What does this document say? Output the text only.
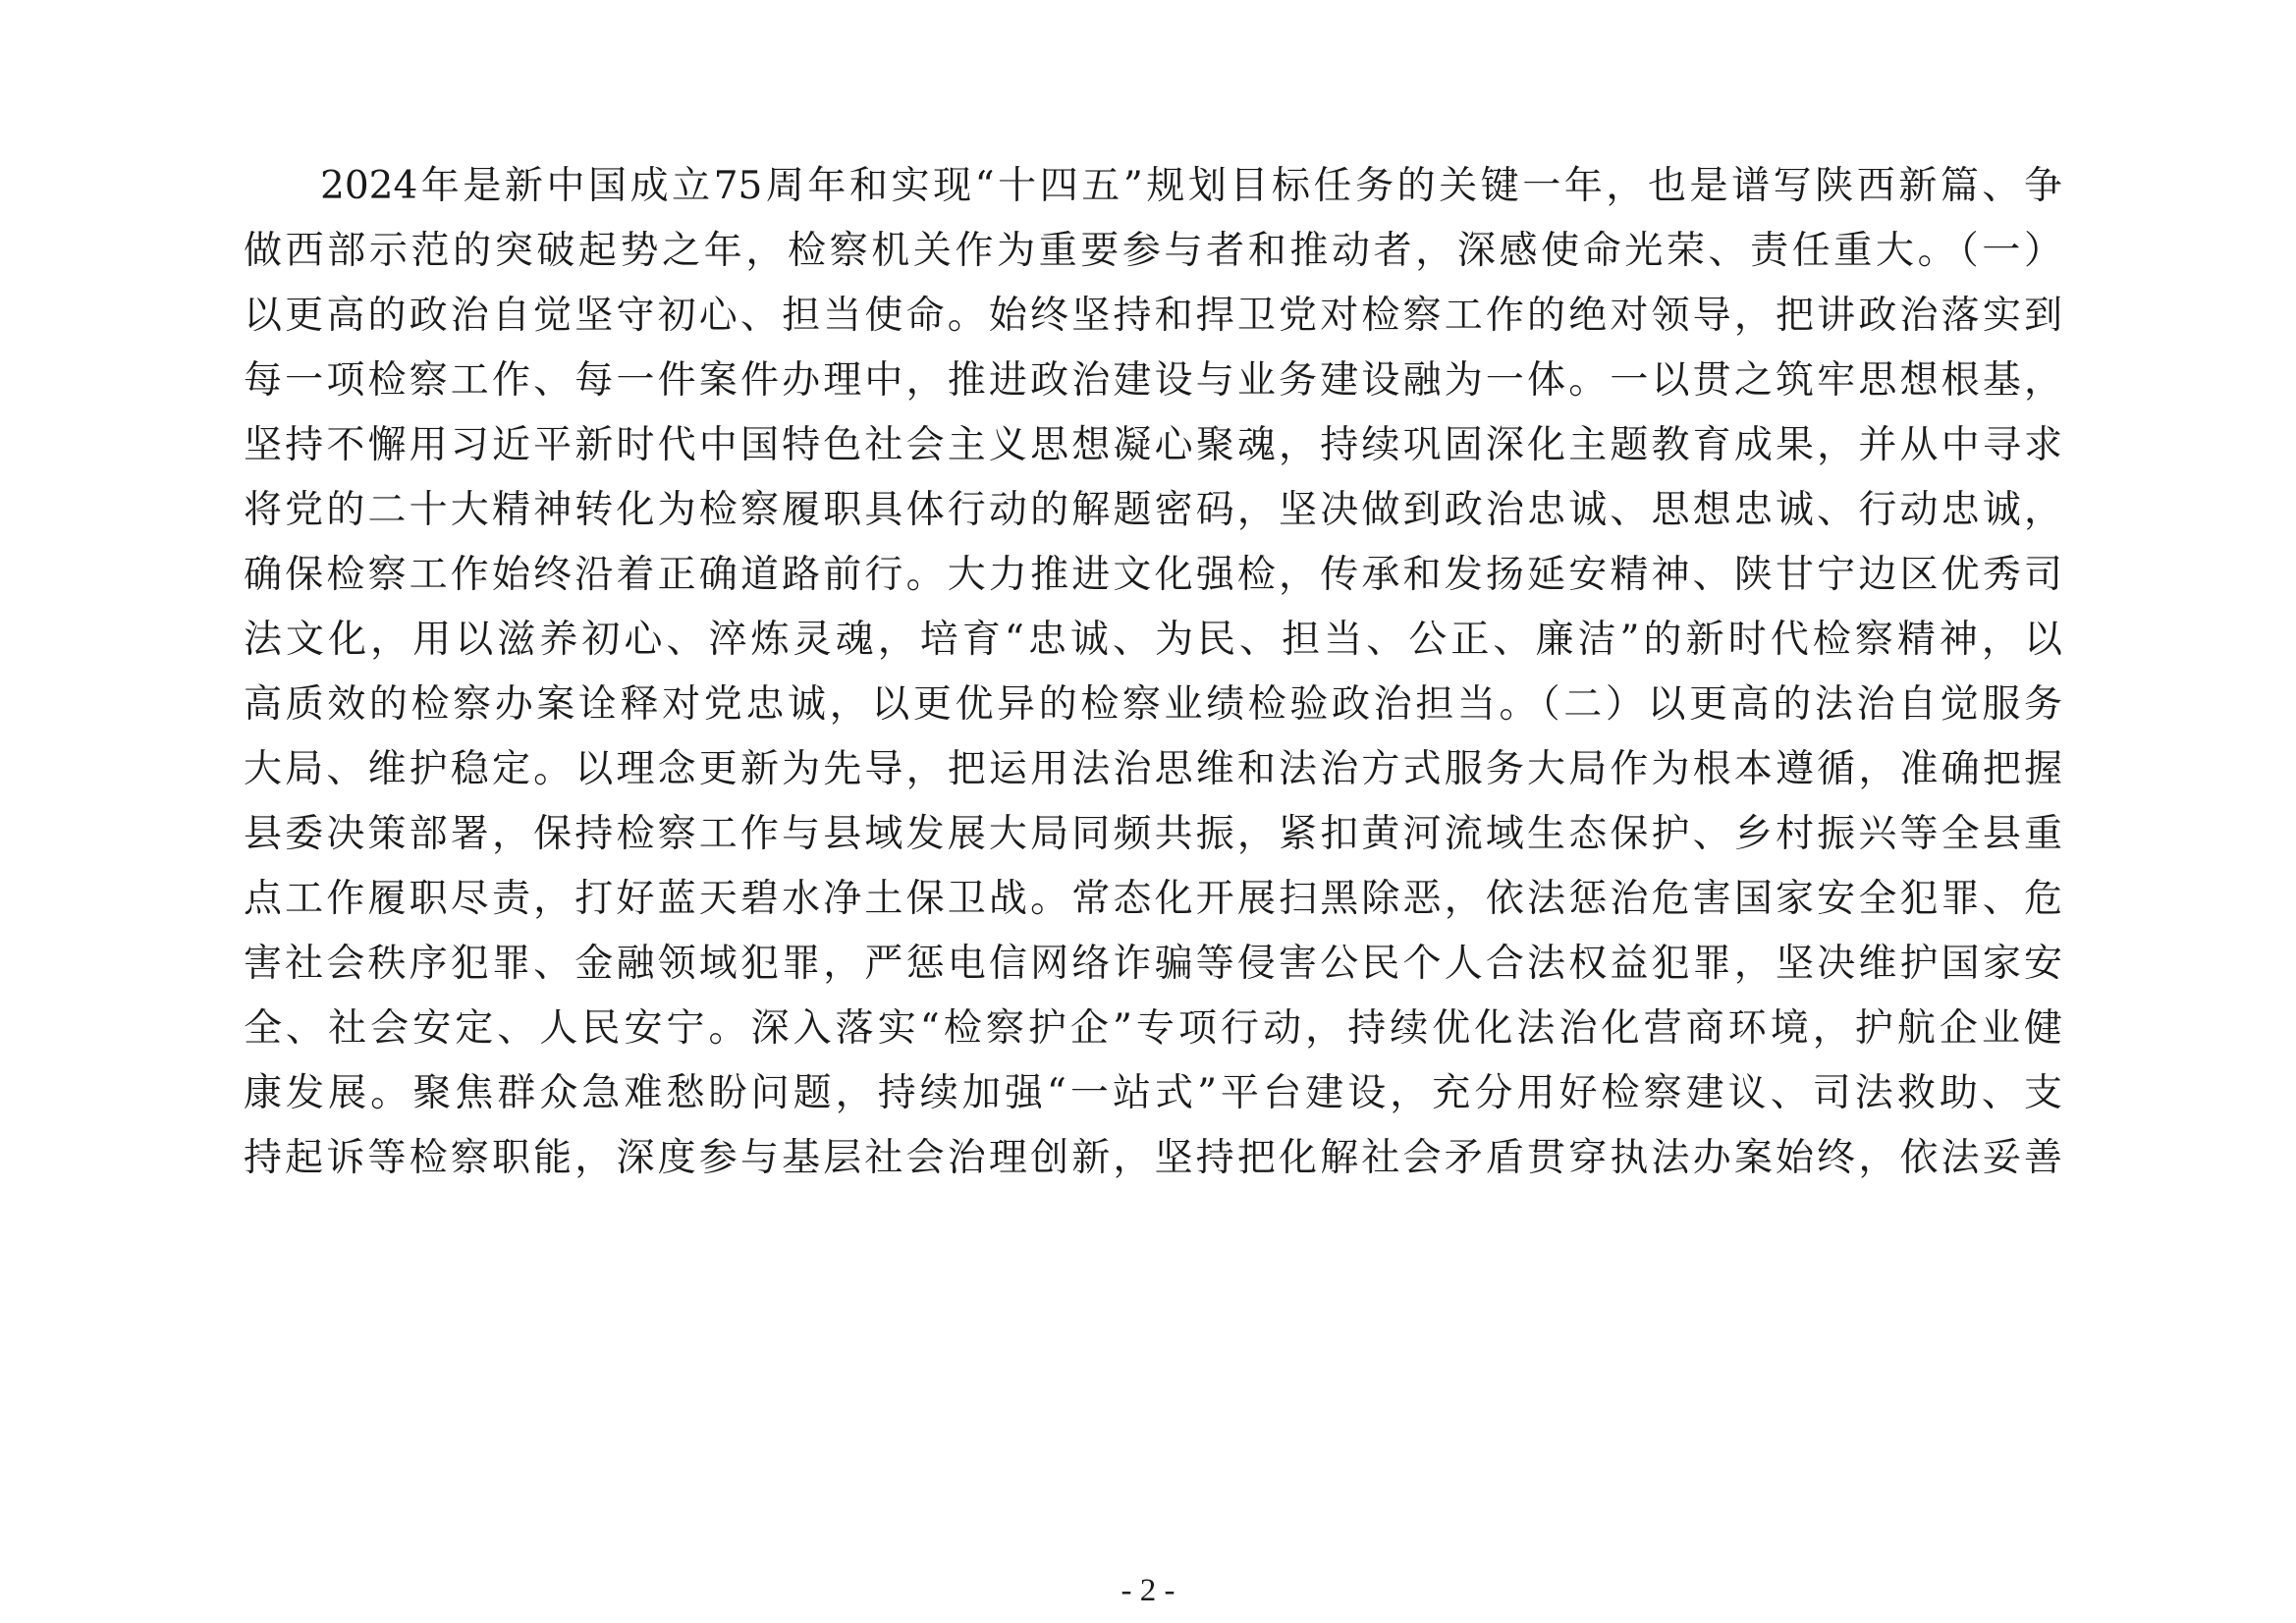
2024年是新中国成立75周年和实现“十四五”规划目标任务的关键一年，也是谱写陕西新篇、争
做西部示范的突破起势之年，检察机关作为重要参与者和推动者，深感使命光荣、责任重大。（一）
以更高的政治自觉坚守初心、担当使命。始终坚持和捍卫党对检察工作的绝对领导，把讲政治落实到
每一项检察工作、每一件案件办理中，推进政治建设与业务建设融为一体。一以贯之筑牢思想根基，
坚持不懈用习近平新时代中国特色社会主义思想凝心聚魂，持续巩固深化主题教育成果，并从中寻求
将党的二十大精神转化为检察履职具体行动的解题密码，坚决做到政治忠诚、思想忠诚、行动忠诚，
确保检察工作始终沿着正确道路前行。大力推进文化强检，传承和发扬延安精神、陕甘宁边区优秀司
法文化，用以滋养初心、淬炼灵魂，培育“忠诚、为民、担当、公正、廉洁”的新时代检察精神，以
高质效的检察办案诠释对党忠诚，以更优异的检察业绩检验政治担当。（二）以更高的法治自觉服务
大局、维护稳定。以理念更新为先导，把运用法治思维和法治方式服务大局作为根本遵循，准确把握
县委决策部署，保持检察工作与县域发展大局同频共振，紧扣黄河流域生态保护、乡村振兴等全县重
点工作履职尽责，打好蓝天碧水净土保卫战。常态化开展扫黑除恶，依法惩治危害国家安全犯罪、危
害社会秩序犯罪、金融领域犯罪，严惩电信网络诈骗等侵害公民个人合法权益犯罪，坚决维护国家安
全、社会安定、人民安宁。深入落实“检察护企”专项行动，持续优化法治化营商环境，护航企业健
康发展。聚焦群众急难愁盼问题，持续加强“一站式”平台建设，充分用好检察建议、司法救助、支
持起诉等检察职能，深度参与基层社会治理创新，坚持把化解社会矛盾贯穿执法办案始终，依法妥善
- 2 -
